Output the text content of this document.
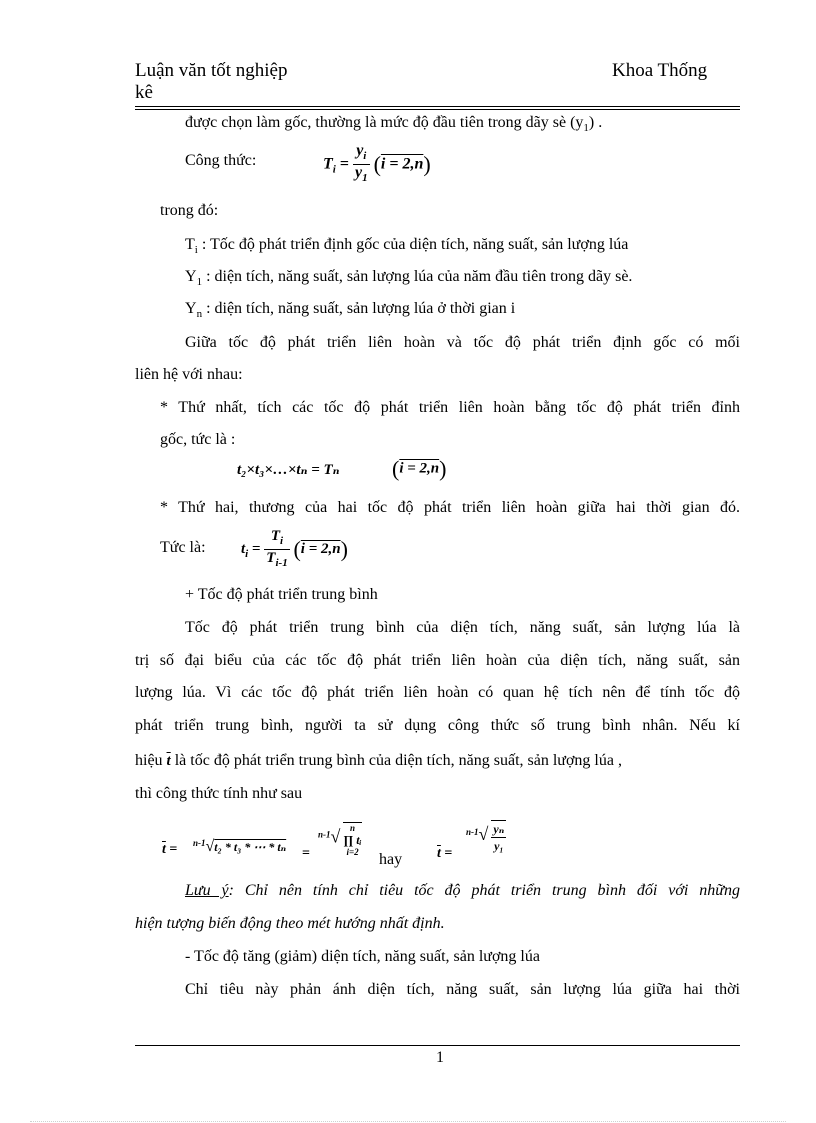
Luận văn tốt nghiệp
kê
Khoa Thống
được chọn làm gốc, thường là mức độ đầu tiên trong dãy sè $(y_1)$ .
Công thức:	$T_i = \frac{y_i}{y_1} (i = 2,n)$
trong đó:
$T_i$ : Tốc độ phát triển định gốc của diện tích, năng suất, sản lượng lúa
$Y_1$ : diện tích, năng suất, sản lượng lúa của năm đầu tiên trong dãy sè.
$Y_n$ : diện tích, năng suất, sản lượng lúa ở thời gian i
Giữa tốc độ phát triển liên hoàn và tốc độ phát triển định gốc có mối
liên hệ với nhau:
* Thứ nhất, tích các tốc độ phát triển liên hoàn bằng tốc độ phát triển đỉnh
gốc, tức là :
t₂×t₃×…×tₙ = Tₙ (i = 2,n)
* Thứ hai, thương của hai tốc độ phát triển liên hoàn giữa hai thời gian đó.
Tức là: $t_i = \frac{T_i}{T_{i-1}} (i = 2,n)$
+ Tốc độ phát triển trung bình
Tốc độ phát triển trung bình của diện tích, năng suất, sản lượng lúa là
trị số đại biểu của các tốc độ phát triển liên hoàn của diện tích, năng suất, sản
lượng lúa. Vì các tốc độ phát triển liên hoàn có quan hệ tích nên để tính tốc độ
phát triển trung bình, người ta sử dụng công thức số trung bình nhân. Nếu kí
hiệu $\overline{t}$ là tốc độ phát triển trung bình của diện tích, năng suất, sản lượng lúa ,
thì công thức tính như sau
$\overline{t} = ^{n-1}√t_2 * t_3$ * ⋯ * tₙ =
$^{n-1}$√	n
∏ tᵢ
i=2 hay $\overline{t}$ =
$^{n-1}√ \frac{\text{yₙ}}{\text{y₁}}$
Lưu ý: Chỉ nên tính chỉ tiêu tốc độ phát triển trung bình đối với những
hiện tượng biến động theo mét hướng nhất định.
- Tốc độ tăng (giảm) diện tích, năng suất, sản lượng lúa
Chỉ tiêu này phản ánh diện tích, năng suất, sản lượng lúa giữa hai thời
1
